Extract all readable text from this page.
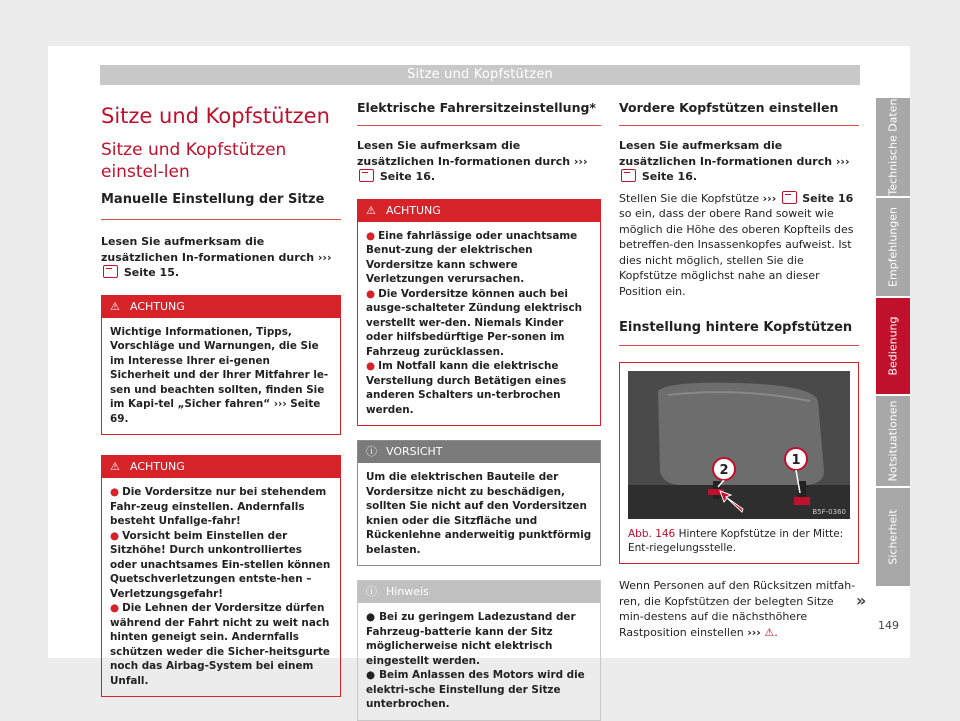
Sitze und Kopfstützen
Sitze und Kopfstützen
Sitze und Kopfstützen einstel-len
Manuelle Einstellung der Sitze

Lesen Sie aufmerksam die zusätzlichen In-formationen durch ›››  Seite 15.

⚠ ACHTUNG
Wichtige Informationen, Tipps, Vorschläge und Warnungen, die Sie im Interesse Ihrer ei-genen Sicherheit und der Ihrer Mitfahrer le-sen und beachten sollten, finden Sie im Kapi-tel „Sicher fahren“ ››› Seite 69.
⚠ ACHTUNG
● Die Vordersitze nur bei stehendem Fahr-zeug einstellen. Andernfalls besteht Unfallge-fahr!
● Vorsicht beim Einstellen der Sitzhöhe! Durch unkontrolliertes oder unachtsames Ein-stellen können Quetschverletzungen entste-hen – Verletzungsgefahr!
● Die Lehnen der Vordersitze dürfen während der Fahrt nicht zu weit nach hinten geneigt sein. Andernfalls schützen weder die Sicher-heitsgurte noch das Airbag-System bei einem Unfall.
Elektrische Fahrersitzeinstellung*

Lesen Sie aufmerksam die zusätzlichen In-formationen durch ›››  Seite 16.

⚠ ACHTUNG
● Eine fahrlässige oder unachtsame Benut-zung der elektrischen Vordersitze kann schwere Verletzungen verursachen.
● Die Vordersitze können auch bei ausge-schalteter Zündung elektrisch verstellt wer-den. Niemals Kinder oder hilfsbedürftige Per-sonen im Fahrzeug zurücklassen.
● Im Notfall kann die elektrische Verstellung durch Betätigen eines anderen Schalters un-terbrochen werden.
ⓘ VORSICHT
Um die elektrischen Bauteile der Vordersitze nicht zu beschädigen, sollten Sie nicht auf den Vordersitzen knien oder die Sitzfläche und Rückenlehne anderweitig punktförmig belasten.
ⓘ Hinweis
● Bei zu geringem Ladezustand der Fahrzeug-batterie kann der Sitz möglicherweise nicht elektrisch eingestellt werden.
● Beim Anlassen des Motors wird die elektri-sche Einstellung der Sitze unterbrochen.
Vordere Kopfstützen einstellen

Lesen Sie aufmerksam die zusätzlichen In-formationen durch ›››  Seite 16.

Stellen Sie die Kopfstütze ››› Seite 16 so ein, dass der obere Rand soweit wie möglich die Höhe des oberen Kopfteils des betreffen-den Insassenkopfes aufweist. Ist dies nicht möglich, stellen Sie die Kopfstütze möglichst nahe an dieser Position ein.

Einstellung hintere Kopfstützen
2
1
B5F-0360
Abb. 146 Hintere Kopfstütze in der Mitte: Ent-riegelungsstelle.

Wenn Personen auf den Rücksitzen mitfah-ren, die Kopfstützen der belegten Sitze min-destens auf die nächsthöhere Rastposition einstellen ››› ⚠.

»
Technische Daten
Empfehlungen
Bedienung
Notsituationen
Sicherheit
149
